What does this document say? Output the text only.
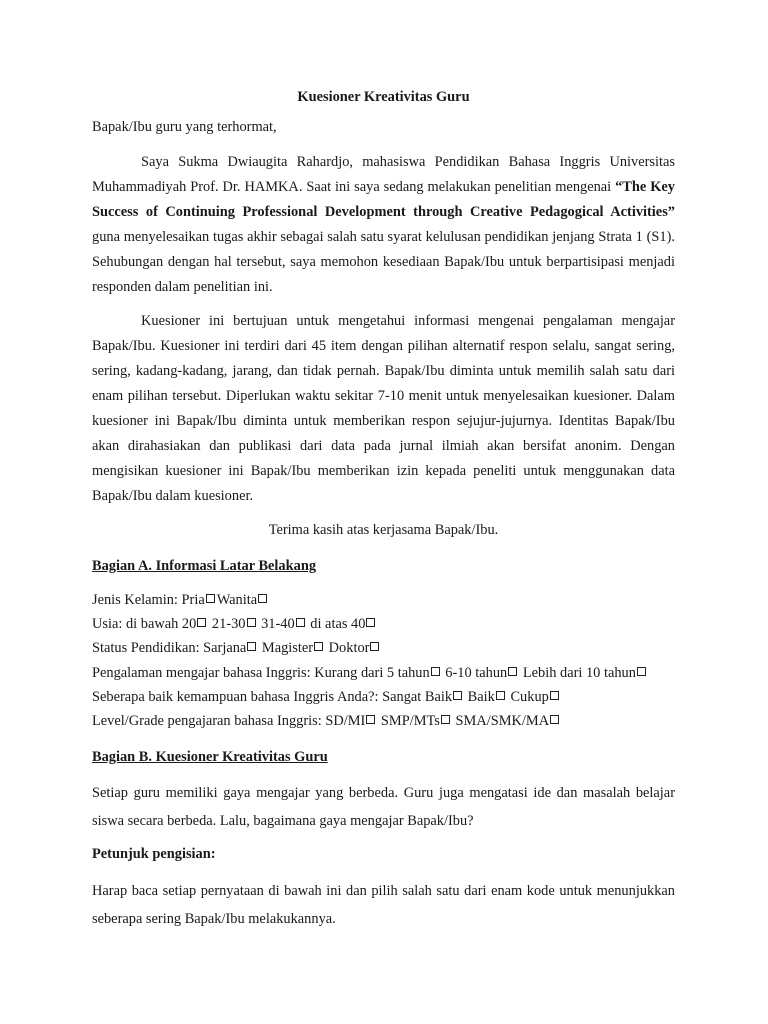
Kuesioner Kreativitas Guru
Bapak/Ibu guru yang terhormat,

Saya Sukma Dwiaugita Rahardjo, mahasiswa Pendidikan Bahasa Inggris Universitas Muhammadiyah Prof. Dr. HAMKA. Saat ini saya sedang melakukan penelitian mengenai “The Key Success of Continuing Professional Development through Creative Pedagogical Activities” guna menyelesaikan tugas akhir sebagai salah satu syarat kelulusan pendidikan jenjang Strata 1 (S1). Sehubungan dengan hal tersebut, saya memohon kesediaan Bapak/Ibu untuk berpartisipasi menjadi responden dalam penelitian ini.

Kuesioner ini bertujuan untuk mengetahui informasi mengenai pengalaman mengajar Bapak/Ibu. Kuesioner ini terdiri dari 45 item dengan pilihan alternatif respon selalu, sangat sering, sering, kadang-kadang, jarang, dan tidak pernah. Bapak/Ibu diminta untuk memilih salah satu dari enam pilihan tersebut. Diperlukan waktu sekitar 7-10 menit untuk menyelesaikan kuesioner. Dalam kuesioner ini Bapak/Ibu diminta untuk memberikan respon sejujur-jujurnya. Identitas Bapak/Ibu akan dirahasiakan dan publikasi dari data pada jurnal ilmiah akan bersifat anonim. Dengan mengisikan kuesioner ini Bapak/Ibu memberikan izin kepada peneliti untuk menggunakan data Bapak/Ibu dalam kuesioner.

Terima kasih atas kerjasama Bapak/Ibu.
Bagian A. Informasi Latar Belakang
Jenis Kelamin: Pria Wanita
Usia: di bawah 20 21-30 31-40 di atas 40
Status Pendidikan: Sarjana Magister Doktor
Pengalaman mengajar bahasa Inggris: Kurang dari 5 tahun 6-10 tahun Lebih dari 10 tahun
Seberapa baik kemampuan bahasa Inggris Anda?: Sangat Baik Baik Cukup
Level/Grade pengajaran bahasa Inggris: SD/MI SMP/MTs SMA/SMK/MA
Bagian B. Kuesioner Kreativitas Guru

Setiap guru memiliki gaya mengajar yang berbeda. Guru juga mengatasi ide dan masalah belajar siswa secara berbeda. Lalu, bagaimana gaya mengajar Bapak/Ibu?

Petunjuk pengisian:

Harap baca setiap pernyataan di bawah ini dan pilih salah satu dari enam kode untuk menunjukkan seberapa sering Bapak/Ibu melakukannya.
